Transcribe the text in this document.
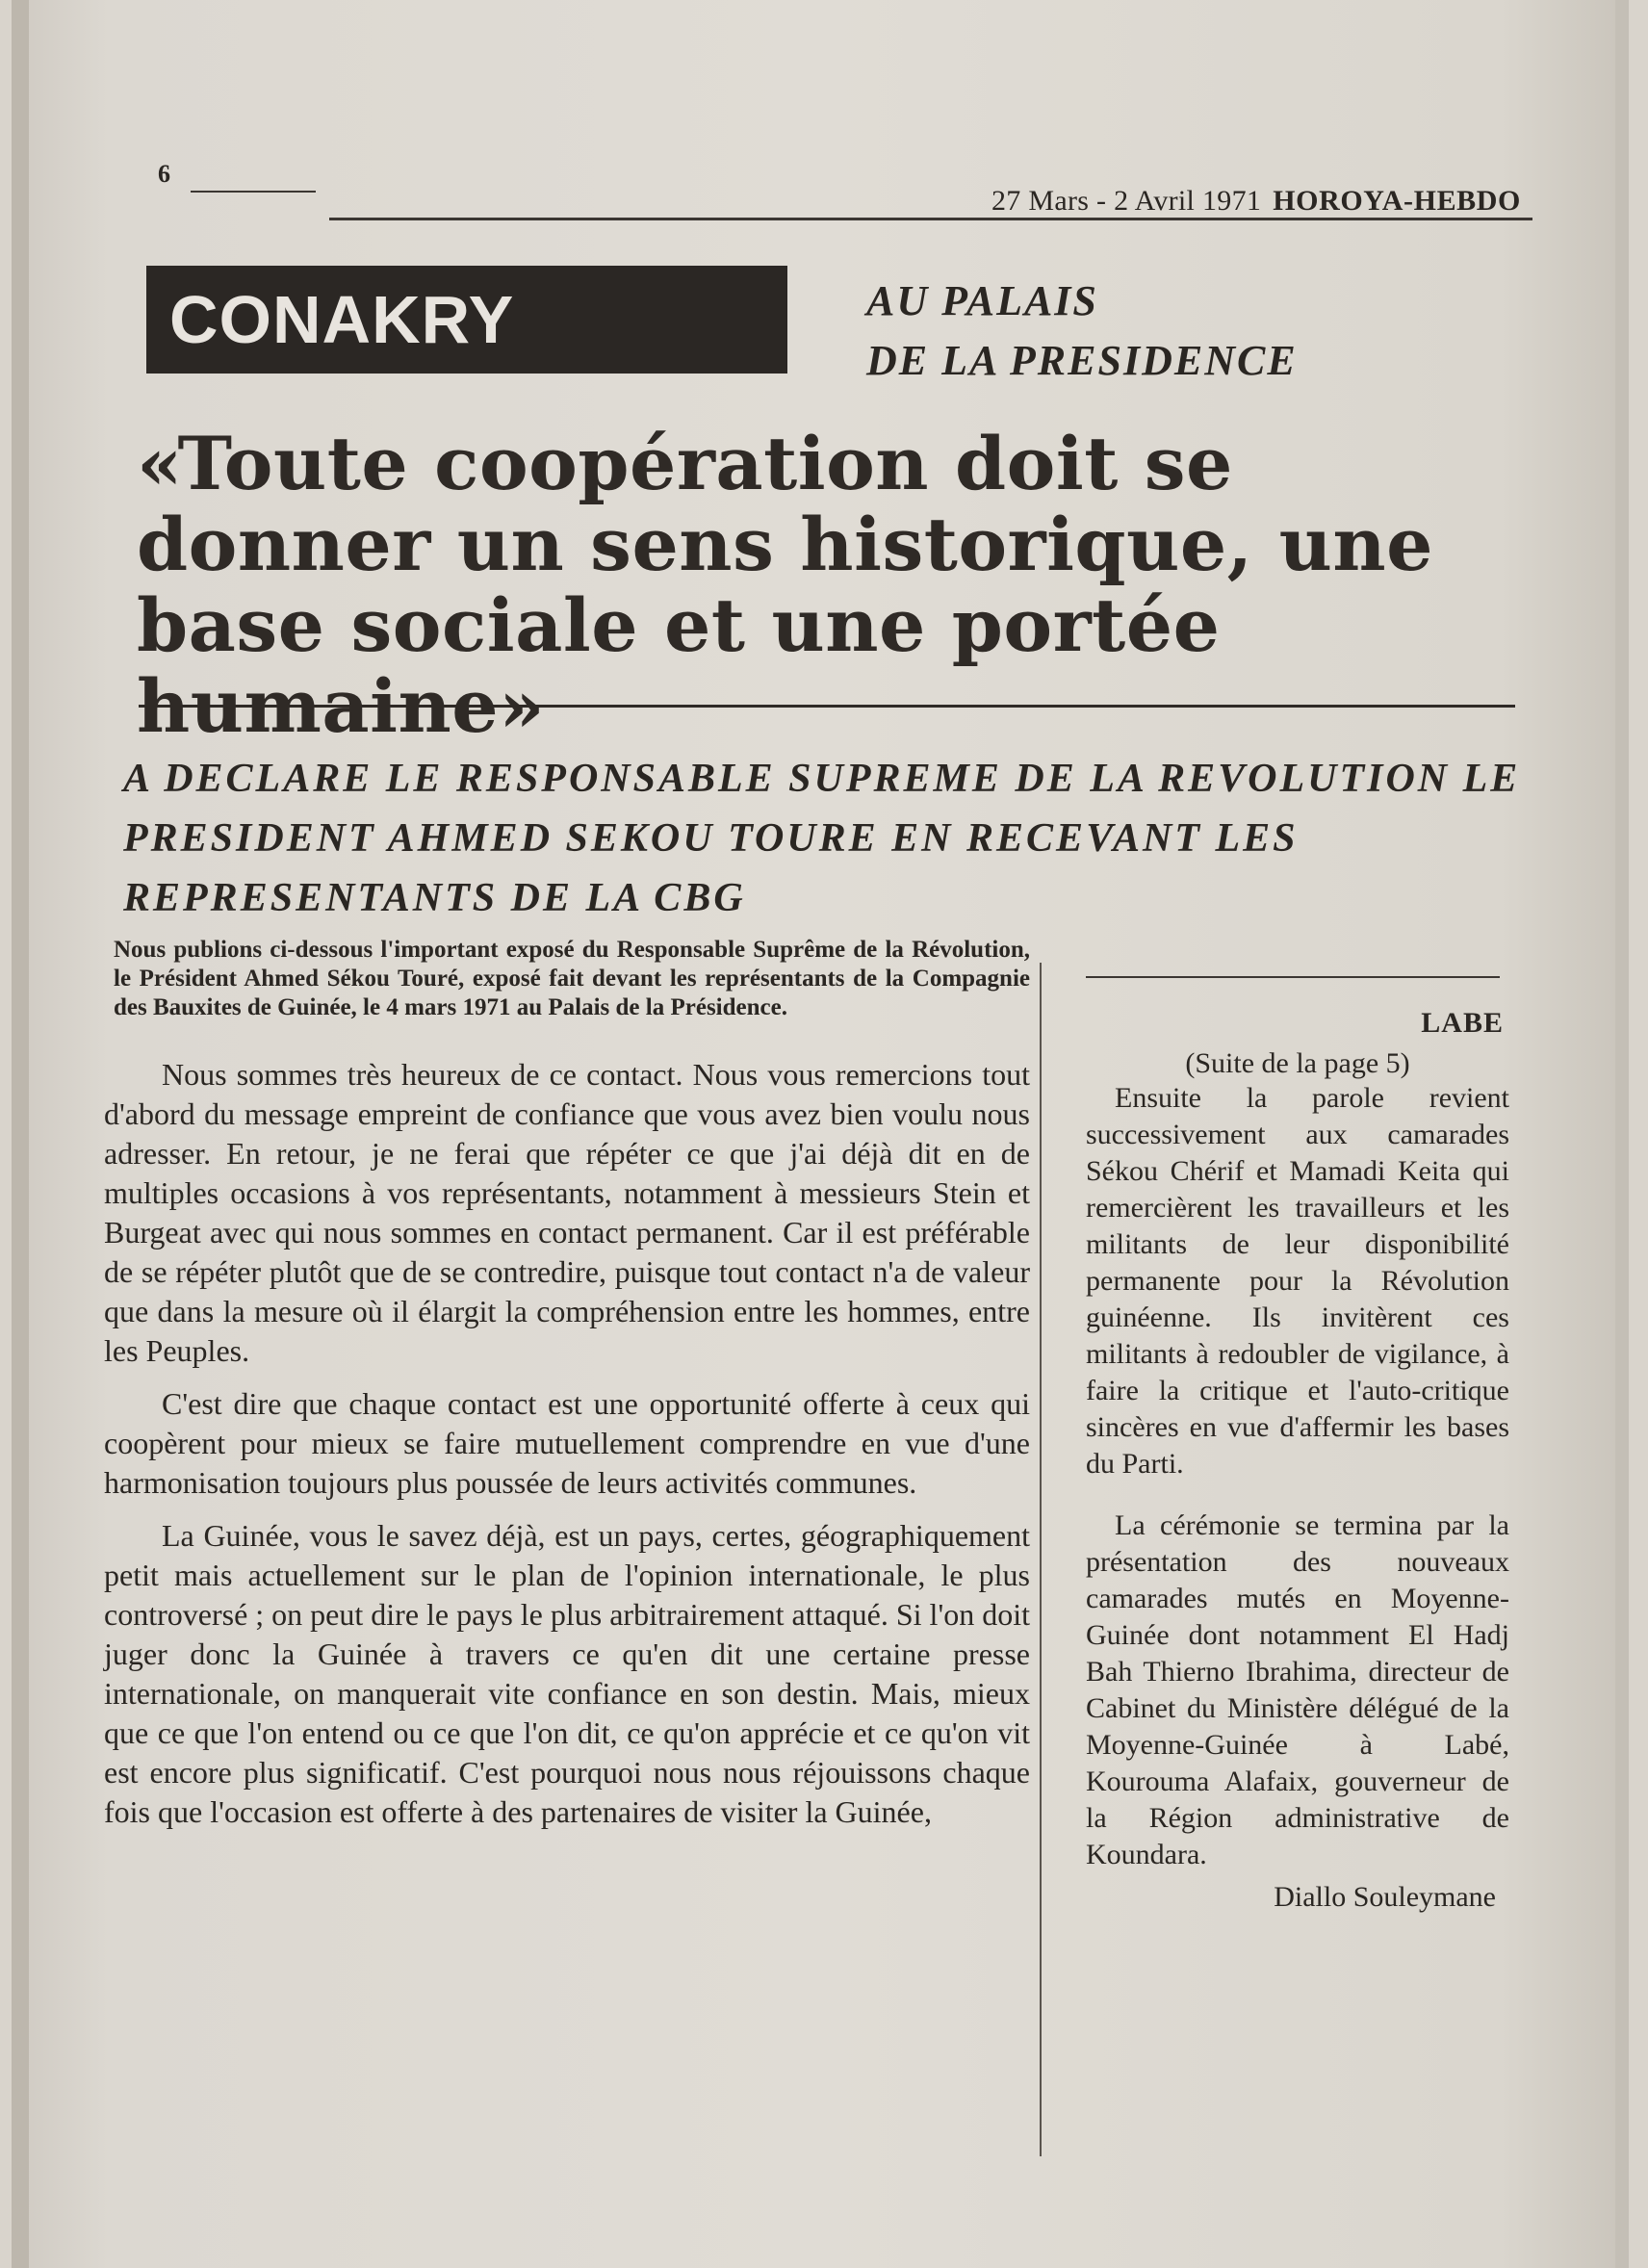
6
27 Mars - 2 Avril 1971 HOROYA-HEBDO
CONAKRY	AU PALAIS
DE LA PRESIDENCE
«Toute coopération doit se donner un sens historique, une base sociale et une portée humaine»
A DECLARE LE RESPONSABLE SUPREME DE LA REVOLUTION LE PRESIDENT AHMED SEKOU TOURE EN RECEVANT LES REPRESENTANTS DE LA CBG
Nous publions ci-dessous l'important exposé du Responsable Suprême de la Révolution, le Président Ahmed Sékou Touré, exposé fait devant les représentants de la Compagnie des Bauxites de Guinée, le 4 mars 1971 au Palais de la Présidence.

Nous sommes très heureux de ce contact. Nous vous remercions tout d'abord du message empreint de confiance que vous avez bien voulu nous adresser. En retour, je ne ferai que répéter ce que j'ai déjà dit en de multiples occasions à vos représentants, notamment à messieurs Stein et Burgeat avec qui nous sommes en contact permanent. Car il est préférable de se répéter plutôt que de se contredire, puisque tout contact n'a de valeur que dans la mesure où il élargit la compréhension entre les hommes, entre les Peuples.

C'est dire que chaque contact est une opportunité offerte à ceux qui coopèrent pour mieux se faire mutuellement comprendre en vue d'une harmonisation toujours plus poussée de leurs activités communes.

La Guinée, vous le savez déjà, est un pays, certes, géographiquement petit mais actuellement sur le plan de l'opinion internationale, le plus controversé ; on peut dire le pays le plus arbitrairement attaqué. Si l'on doit juger donc la Guinée à travers ce qu'en dit une certaine presse internationale, on manquerait vite confiance en son destin. Mais, mieux que ce que l'on entend ou ce que l'on dit, ce qu'on apprécie et ce qu'on vit est encore plus significatif. C'est pourquoi nous nous réjouissons chaque fois que l'occasion est offerte à des partenaires de visiter la Guinée,

LABE
(Suite de la page 5)

Ensuite la parole revient successivement aux camarades Sékou Chérif et Mamadi Keita qui remercièrent les travailleurs et les militants de leur disponibilité permanente pour la Révolution guinéenne. Ils invitèrent ces militants à redoubler de vigilance, à faire la critique et l'auto-critique sincères en vue d'affermir les bases du Parti.

La cérémonie se termina par la présentation des nouveaux camarades mutés en Moyenne-Guinée dont notamment El Hadj Bah Thierno Ibrahima, directeur de Cabinet du Ministère délégué de la Moyenne-Guinée à Labé, Kourouma Alafaix, gouverneur de la Région administrative de Koundara.

Diallo Souleymane
